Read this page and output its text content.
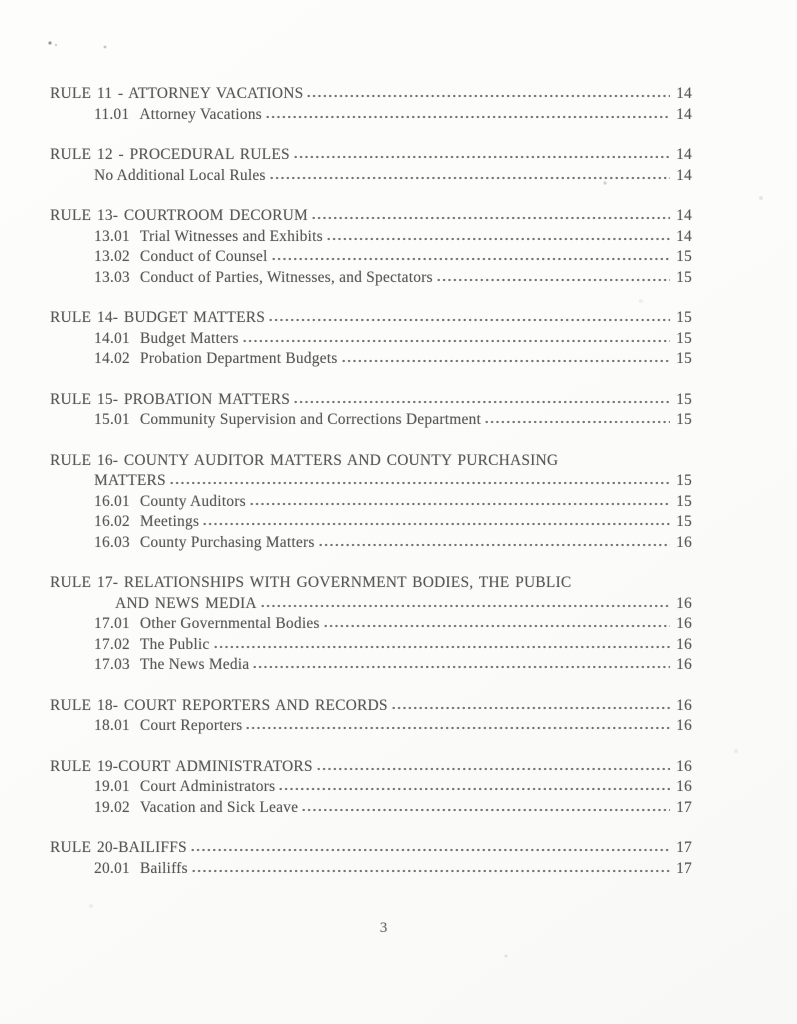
RULE 11 - ATTORNEY VACATIONS	14
11.01 Attorney Vacations	14
RULE 12 - PROCEDURAL RULES	14
No Additional Local Rules	14
RULE 13- COURTROOM DECORUM	14
13.01 Trial Witnesses and Exhibits	14
13.02 Conduct of Counsel	15
13.03 Conduct of Parties, Witnesses, and Spectators	15
RULE 14- BUDGET MATTERS	15
14.01 Budget Matters	15
14.02 Probation Department Budgets	15
RULE 15- PROBATION MATTERS	15
15.01 Community Supervision and Corrections Department	15
RULE 16- COUNTY AUDITOR MATTERS AND COUNTY PURCHASING
MATTERS	15
16.01 County Auditors	15
16.02 Meetings	15
16.03 County Purchasing Matters	16
RULE 17- RELATIONSHIPS WITH GOVERNMENT BODIES, THE PUBLIC
AND NEWS MEDIA	16
17.01 Other Governmental Bodies	16
17.02 The Public	16
17.03 The News Media	16
RULE 18- COURT REPORTERS AND RECORDS	16
18.01 Court Reporters	16
RULE 19-COURT ADMINISTRATORS	16
19.01 Court Administrators	16
19.02 Vacation and Sick Leave	17
RULE 20-BAILIFFS	17
20.01 Bailiffs	17
3
